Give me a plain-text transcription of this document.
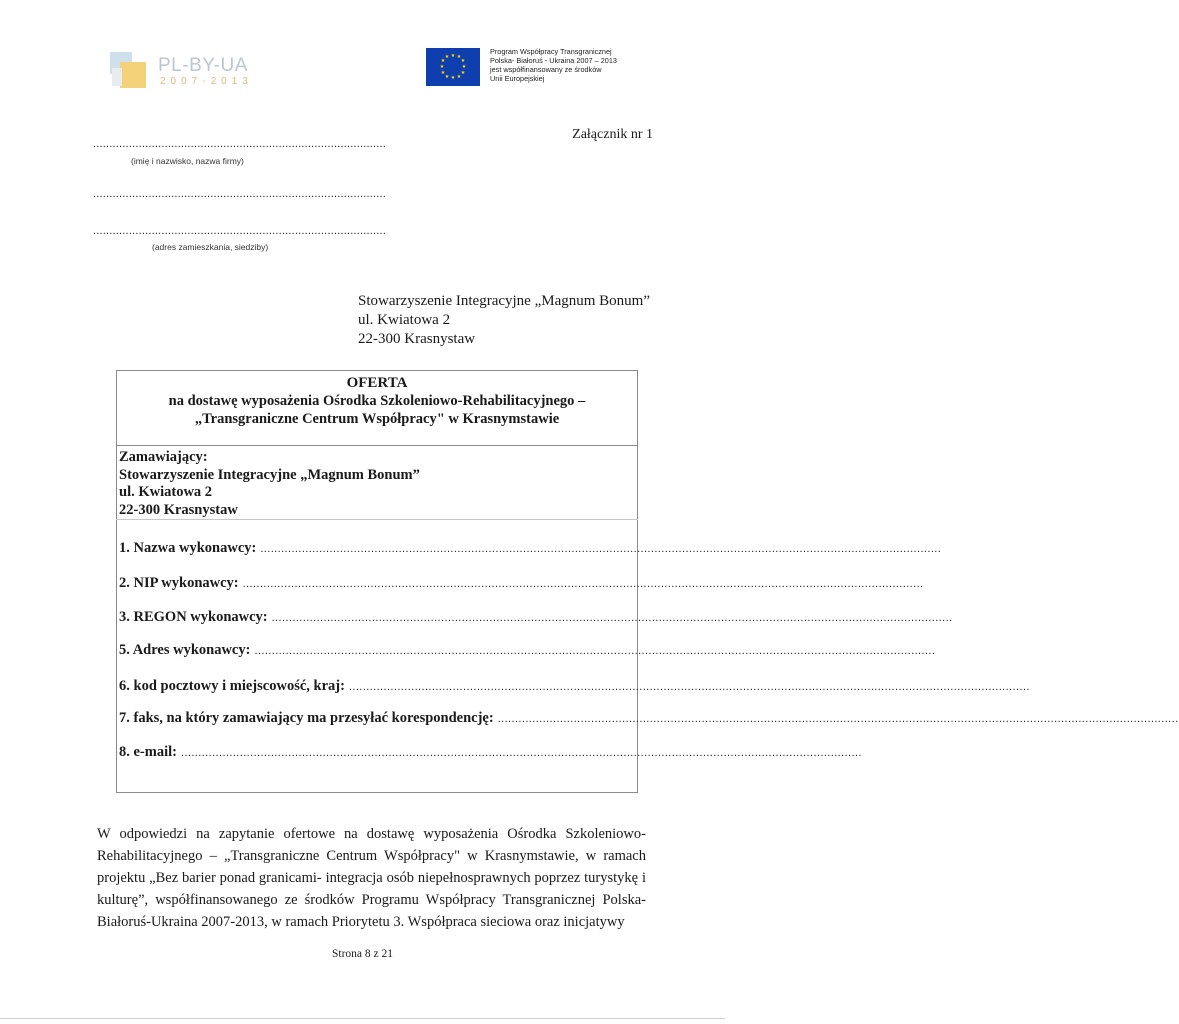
PL-BY-UA
2007-2013
★ ★
★
★
★
★
★
★
★
★
★
★
Program Współpracy Transgranicznej
Polska- Białoruś - Ukraina 2007 – 2013
jest współfinansowany ze środków
Unii Europejskiej
Załącznik nr 1
..........................................................................................
(imię i nazwisko, nazwa firmy)
..........................................................................................
..........................................................................................
(adres zamieszkania, siedziby)
Stowarzyszenie Integracyjne „Magnum Bonum”
ul. Kwiatowa 2
22-300 Krasnystaw
OFERTA
na dostawę wyposażenia Ośrodka Szkoleniowo-Rehabilitacyjnego –
„Transgraniczne Centrum Współpracy" w Krasnymstawie
Zamawiający:
Stowarzyszenie Integracyjne „Magnum Bonum”
ul. Kwiatowa 2
22-300 Krasnystaw
1. Nazwa wykonawcy: .....................................................................................................................................................................................................
2. NIP wykonawcy: .....................................................................................................................................................................................................
3. REGON wykonawcy: .....................................................................................................................................................................................................
5. Adres wykonawcy: .....................................................................................................................................................................................................
6. kod pocztowy i miejscowość, kraj: .....................................................................................................................................................................................................
7. faks, na który zamawiający ma przesyłać korespondencję: .....................................................................................................................................................................................................
8. e-mail: .....................................................................................................................................................................................................
W odpowiedzi na zapytanie ofertowe na dostawę wyposażenia Ośrodka Szkoleniowo-Rehabilitacyjnego – „Transgraniczne Centrum Współpracy" w Krasnymstawie, w ramach projektu „Bez barier ponad granicami- integracja osób niepełnosprawnych poprzez turystykę i kulturę”, współfinansowanego ze środków Programu Współpracy Transgranicznej Polska-Białoruś-Ukraina 2007-2013, w ramach Priorytetu 3. Współpraca sieciowa oraz inicjatywy
Strona 8 z 21
